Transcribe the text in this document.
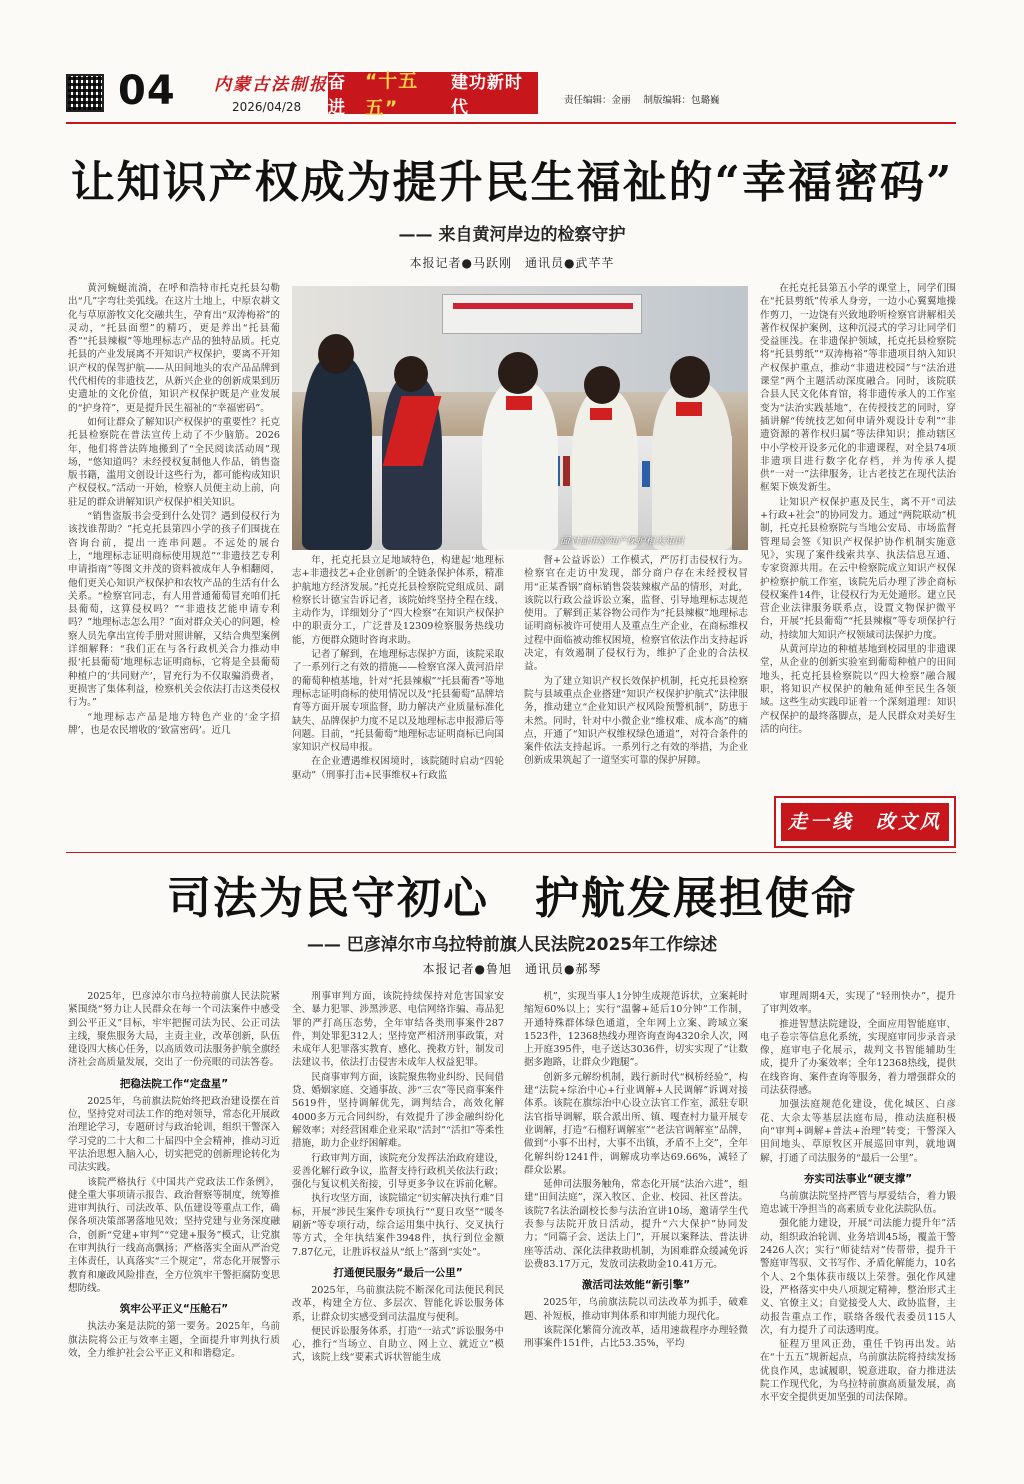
04 内蒙古法制报
2026/04/28
奋进
“十五五”
建功新时代	责任编辑：金丽 制版编辑：包璐巍
让知识产权成为提升民生福祉的“幸福密码”
—— 来自黄河岸边的检察守护
本报记者●马跃刚　通讯员●武芊芊

黄河蜿蜒流淌，在呼和浩特市托克托县勾勒出“几”字弯壮美弧线。在这片土地上，中原农耕文化与草原游牧文化交融共生，孕育出“双涛梅裕”的灵动，“托县面塑”的精巧，更是养出“托县葡香”“托县辣椒”等地理标志产品的独特品质。托克托县的产业发展离不开知识产权保护，要离不开知识产权的保驾护航——从田间地头的农产品品牌到代代相传的非遗技艺，从新兴企业的创新成果到历史遗址的文化价值，知识产权保护既是产业发展的“护身符”，更是提升民生福祉的“幸福密码”。

如何让群众了解知识产权保护的重要性？托克托县检察院在普法宣传上动了不少脑筋。2026年，他们将普法阵地搬到了“全民阅读活动周”现场，“悠知道吗？未经授权复制他人作品，销售盗版书籍，滥用文创设计这些行为，都可能构成知识产权侵权。”活动一开始，检察人员便主动上前，向驻足的群众讲解知识产权保护相关知识。

“销售盗版书会受到什么处罚？遇到侵权行为该找谁帮助？”托克托县第四小学的孩子们围拢在咨询台前，提出一连串问题。不远处的展台上，“地理标志证明商标使用规范”“非遗技艺专利申请指南”等图文并茂的资料被成年人争相翻阅，他们更关心知识产权保护和农牧产品的生活有什么关系。“检察官同志，有人用普通葡萄冒充咱们托县葡萄，这算侵权吗？”“非遗技艺能申请专利吗？”地理标志怎么用？”面对群众关心的问题，检察人员先拿出宣传手册对照讲解，又结合典型案例详细解释：“我们正在与各行政机关合力推动申报‘托县葡萄’地理标志证明商标，它将是全县葡萄种植户的‘共同财产’，冒充行为不仅取骗消费者，更损害了集体利益，检察机关会依法打击这类侵权行为。”

“地理标志产品是地方特色产业的‘金字招牌’，也是农民增收的‘致富密码’。近几

面对面讲解知产保护相关知识

年，托克托县立足地域特色，构建起‘地理标志+非遗技艺+企业创新’的全链条保护体系，精准护航地方经济发展。”托克托县检察院党组成员、副检察长计德宝告诉记者，该院始终坚持全程在线、主动作为，详细划分了“四大检察”在知识产权保护中的职责分工，广泛普及12309检察服务热线功能，方便群众随时咨询求助。

记者了解到，在地理标志保护方面，该院采取了一系列行之有效的措施——检察官深入黄河沿岸的葡萄种植基地，针对“托县辣椒”“托县葡香”等地理标志证明商标的使用情况以及“托县葡萄”品牌培育等方面开展专项监督，助力解决产业质量标准化缺失、品牌保护力度不足以及地理标志申报滞后等问题。目前，“托县葡萄”地理标志证明商标已向国家知识产权局申报。

在企业遭遇维权困境时，该院随时启动“四轮驱动”（刑事打击+民事维权+行政监

督+公益诉讼）工作模式，严厉打击侵权行为。检察官在走访中发现，部分商户存在未经授权冒用“正某香锅”商标销售袋装辣椒产品的情形，对此，该院以行政公益诉讼立案，监督、引导地理标志规范使用。了解到正某谷物公司作为“托县辣椒”地理标志证明商标被许可使用人及重点生产企业，在商标维权过程中面临被动维权困境，检察官依法作出支持起诉决定，有效遏制了侵权行为，维护了企业的合法权益。

为了建立知识产权长效保护机制，托克托县检察院与县域重点企业搭建“知识产权保护护航式”法律服务，推动建立“企业知识产权风险预警机制”，防患于未然。同时，针对中小微企业“维权难、成本高”的痛点，开通了“知识产权维权绿色通道”，对符合条件的案件依法支持起诉。一系列行之有效的举措，为企业创新成果筑起了一道坚实可靠的保护屏障。

在托克托县第五小学的课堂上，同学们围在“托县剪纸”传承人身旁，一边小心翼翼地操作剪刀，一边饶有兴致地聆听检察官讲解相关著作权保护案例，这种沉浸式的学习让同学们受益匪浅。在非遗保护领域，托克托县检察院将“托县剪纸”“双涛梅裕”等非遗项目纳入知识产权保护重点，推动“非遗进校园”与“法治进课堂”两个主题活动深度融合。同时，该院联合县人民文化体育馆，将非遗传承人的工作室变为“法治实践基地”，在传授技艺的同时，穿插讲解“传统技艺如何申请外观设计专利”“非遗资源的著作权归属”等法律知识；推动辖区中小学校开设多元化的非遗课程，对全县74项非遗项目进行数字化存档，并为传承人提供“一对一”法律服务，让古老技艺在现代法治框架下焕发新生。

让知识产权保护惠及民生，离不开“司法+行政+社会”的协同发力。通过“两院联动”机制，托克托县检察院与当地公安局、市场监督管理局会签《知识产权保护协作机制实施意见》，实现了案件线索共享、执法信息互通、专家资源共用。在云中检察院成立知识产权保护检察护航工作室，该院先后办理了涉企商标侵权案件14件，让侵权行为无处遁形。建立民营企业法律服务联系点，设置文物保护微平台，开展“托县葡萄”“托县辣椒”等专项保护行动，持续加大知识产权领域司法保护力度。

从黄河岸边的种植基地到校园里的非遗课堂，从企业的创新实验室到葡萄种植户的田间地头，托克托县检察院以“四大检察”融合履职，将知识产权保护的触角延伸至民生各领域。这些生动实践印证着一个深刻道理：知识产权保护的最终落脚点，是人民群众对美好生活的向往。

走一线　改文风
司法为民守初心　护航发展担使命
—— 巴彦淖尔市乌拉特前旗人民法院2025年工作综述
本报记者●鲁旭　通讯员●郝琴

2025年，巴彦淖尔市乌拉特前旗人民法院紧紧围绕“努力让人民群众在每一个司法案件中感受到公平正义”目标，牢牢把握司法为民、公正司法主线，聚焦服务大局，主责主业，改革创新，队伍建设四大核心任务，以高质效司法服务护航全旗经济社会高质量发展，交出了一份亮眼的司法答卷。

把稳法院工作“定盘星”

2025年，乌前旗法院始终把政治建设摆在首位，坚持党对司法工作的绝对领导，常态化开展政治理论学习，专题研讨与政治轮训，组织干警深入学习党的二十大和二十届四中全会精神，推动习近平法治思想入脑入心，切实把党的创新理论转化为司法实践。

该院严格执行《中国共产党政法工作条例》，健全重大事项请示报告、政治督察等制度，统筹推进审判执行、司法改革、队伍建设等重点工作，确保各项决策部署落地见效；坚持党建与业务深度融合，创新“党建+审判”“党建+服务”模式，让党旗在审判执行一线高高飘扬；严格落实全面从严治党主体责任，认真落实“三个规定”，常态化开展警示教育和廉政风险排查，全方位筑牢干警拒腐防变思想防线。

筑牢公平正义“压舱石”

执法办案是法院的第一要务。2025年，乌前旗法院将公正与效率主题，全面提升审判执行质效，全力维护社会公平正义和和谐稳定。

刑事审判方面，该院持续保持对危害国家安全、暴力犯罪、涉黑涉恶、电信网络诈骗、毒品犯罪的严打高压态势，全年审结各类刑事案件287件，判处罪犯312人；坚持宽严相济刑事政策，对未成年人犯罪落实教育、感化、挽救方针，制发司法建议书，依法打击侵害未成年人权益犯罪。

民商事审判方面，该院聚焦物业纠纷、民间借贷、婚姻家庭、交通事故、涉“三农”等民商事案件5619件，坚持调解优先，调判结合，高效化解4000多万元合同纠纷，有效提升了涉金融纠纷化解效率；对经营困难企业采取“活封”“活扣”等柔性措施，助力企业纾困解难。

行政审判方面，该院充分发挥法治政府建设，妥善化解行政争议，监督支持行政机关依法行政；强化与复议机关衔接，引导更多争议在诉前化解。

执行攻坚方面，该院锚定“切实解决执行难”目标，开展“涉民生案件专项执行”“夏日攻坚”“暖冬刷新”等专项行动，综合运用集中执行、交叉执行等方式，全年执结案件3948件，执行到位金额7.87亿元，让胜诉权益从“纸上”落到“实处”。

打通便民服务“最后一公里”

2025年，乌前旗法院不断深化司法便民利民改革，构建全方位、多层次、智能化诉讼服务体系，让群众切实感受到司法温度与便利。

便民诉讼服务体系，打造“一站式”诉讼服务中心，推行“当场立、自助立、网上立、就近立”模式，该院上线“要素式诉状智能生成

机”，实现当事人1分钟生成规范诉状，立案耗时缩短60%以上；实行“温馨+延后10分钟”工作制，开通特殊群体绿色通道，全年网上立案、跨域立案1523件，12368热线办理咨询查询4320余人次，网上开庭395件，电子送达3036件，切实实现了“让数据多跑路，让群众少跑腿”。

创新多元解纷机制，践行新时代“枫桥经验”，构建“法院+综治中心+行业调解+人民调解”诉调对接体系。该院在旗综治中心设立法官工作室，派驻专职法官指导调解，联合派出所、镇、嘎查村力量开展专业调解，打造“石榴籽调解室”“老法官调解室”品牌，做到“小事不出村，大事不出镇，矛盾不上交”，全年化解纠纷1241件，调解成功率达69.66%，减轻了群众讼累。

延伸司法服务触角，常态化开展“法治六进”，组建“田间法庭”，深入牧区、企业、校园、社区普法。该院7名法治副校长参与法治宣讲10场，邀请学生代表参与法院开放日活动，提升“六大保护”协同发力；“同篇子会、送法上门”，开展以案释法、普法讲座等活动、深化法律救助机制，为困难群众缓减免诉讼费83.17万元，发放司法救助金10.41万元。

激活司法效能“新引擎”

2025年，乌前旗法院以司法改革为抓手，破难题、补短板，推动审判体系和审判能力现代化。

该院深化繁简分流改革，适用速裁程序办理轻微刑事案件151件，占比53.35%，平均

审理周期4天，实现了“轻刑快办”，提升了审判效率。

推进智慧法院建设，全面应用智能庭审、电子卷宗等信息化系统，实现庭审同步录音录像，庭审电子化展示，裁判文书智能辅助生成，提升了办案效率；全年12368热线，提供在线咨询、案件查询等服务，着力增强群众的司法获得感。

加强法庭规范化建设，优化城区、白彦花、大佘太等基层法庭布局，推动法庭积极向“审判+调解+普法+治理”转变；干警深入田间地头、草原牧区开展巡回审判，就地调解，打通了司法服务的“最后一公里”。

夯实司法事业“硬支撑”

乌前旗法院坚持严管与厚爱结合，着力锻造忠诚干净担当的高素质专业化法院队伍。

强化能力建设，开展“司法能力提升年”活动，组织政治轮训、业务培训45场，覆盖干警2426人次；实行“师徒结对”传帮带，提升干警庭审驾驭、文书写作、矛盾化解能力，10名个人、2个集体获市级以上荣誉。强化作风建设，严格落实中央八项规定精神，整治形式主义、官僚主义；自觉接受人大、政协监督，主动报告重点工作，联络各级代表委员115人次，有力提升了司法透明度。

征程万里风正劲，重任千钧再出发。站在“十五五”规新起点，乌前旗法院将持续发扬优良作风，忠诚履职，锐意进取，奋力推进法院工作现代化，为乌拉特前旗高质量发展，高水平安全提供更加坚强的司法保障。
